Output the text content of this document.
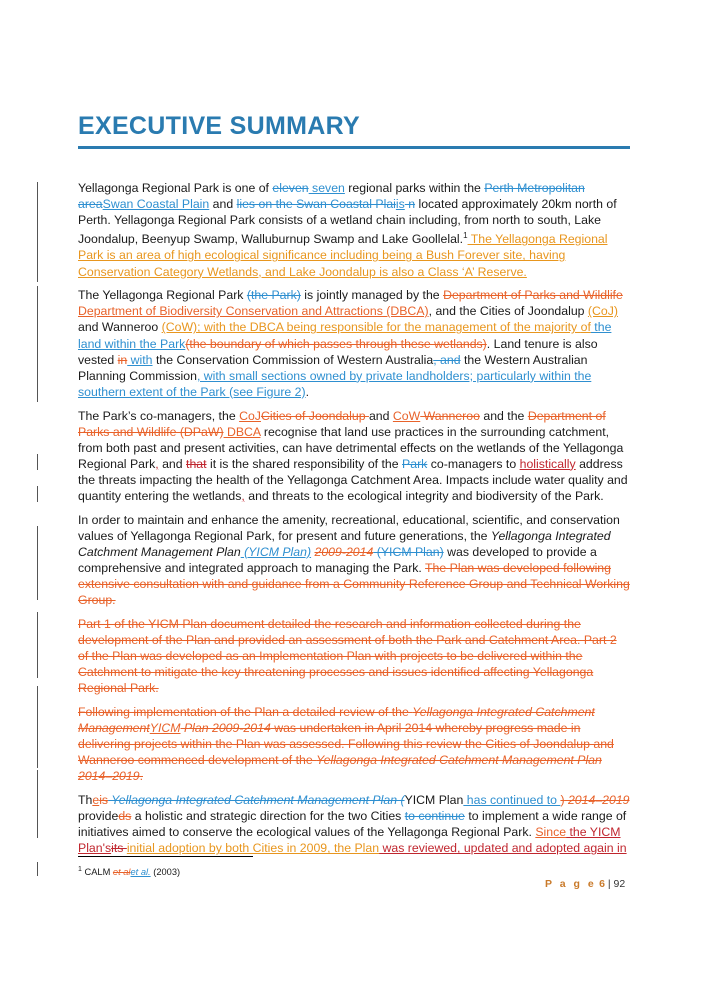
EXECUTIVE SUMMARY

Yellagonga Regional Park is one of eleven seven regional parks within the Perth Metropolitan areaSwan Coastal Plain and lies on the Swan Coastal Plaiis n located approximately 20km north of Perth. Yellagonga Regional Park consists of a wetland chain including, from north to south, Lake Joondalup, Beenyup Swamp, Walluburnup Swamp and Lake Goollelal.$^1$ The Yellagonga Regional Park is an area of high ecological significance including being a Bush Forever site, having Conservation Category Wetlands, and Lake Joondalup is also a Class ‘A’ Reserve.

The Yellagonga Regional Park (the Park) is jointly managed by the Department of Parks and Wildlife Department of Biodiversity Conservation and Attractions (DBCA), and the Cities of Joondalup (CoJ) and Wanneroo (CoW); with the DBCA being responsible for the management of the majority of the land within the Park(the boundary of which passes through these wetlands). Land tenure is also vested in with the Conservation Commission of Western Australia, and the Western Australian Planning Commission, with small sections owned by private landholders; particularly within the southern extent of the Park (see Figure 2).

The Park’s co-managers, the CoJCities of Joondalup and CoW Wanneroo and the Department of Parks and Wildlife (DPaW) DBCA recognise that land use practices in the surrounding catchment, from both past and present activities, can have detrimental effects on the wetlands of the Yellagonga Regional Park, and that it is the shared responsibility of the Park co-managers to holistically address the threats impacting the health of the Yellagonga Catchment Area. Impacts include water quality and quantity entering the wetlands, and threats to the ecological integrity and biodiversity of the Park.

In order to maintain and enhance the amenity, recreational, educational, scientific, and conservation values of Yellagonga Regional Park, for present and future generations, the Yellagonga Integrated Catchment Management Plan (YICM Plan) 2009-2014 (YICM Plan) was developed to provide a comprehensive and integrated approach to managing the Park. The Plan was developed following extensive consultation with and guidance from a Community Reference Group and Technical Working Group.

Part 1 of the YICM Plan document detailed the research and information collected during the development of the Plan and provided an assessment of both the Park and Catchment Area. Part 2 of the Plan was developed as an Implementation Plan with projects to be delivered within the Catchment to mitigate the key threatening processes and issues identified affecting Yellagonga Regional Park.

Following implementation of the Plan a detailed review of the Yellagonga Integrated Catchment ManagementYICM Plan 2009-2014 was undertaken in April 2014 whereby progress made in delivering projects within the Plan was assessed. Following this review the Cities of Joondalup and Wanneroo commenced development of the Yellagonga Integrated Catchment Management Plan 2014–2019.

Theis Yellagonga Integrated Catchment Management Plan (YICM Plan has continued to ) 2014–2019 provideds a holistic and strategic direction for the two Cities to continue to implement a wide range of initiatives aimed to conserve the ecological values of the Yellagonga Regional Park. Since the YICM Plan'sits initial adoption by both Cities in 2009, the Plan was reviewed, updated and adopted again in

$^1$ CALM et alet al. (2003)
P a g e 6 | 92
